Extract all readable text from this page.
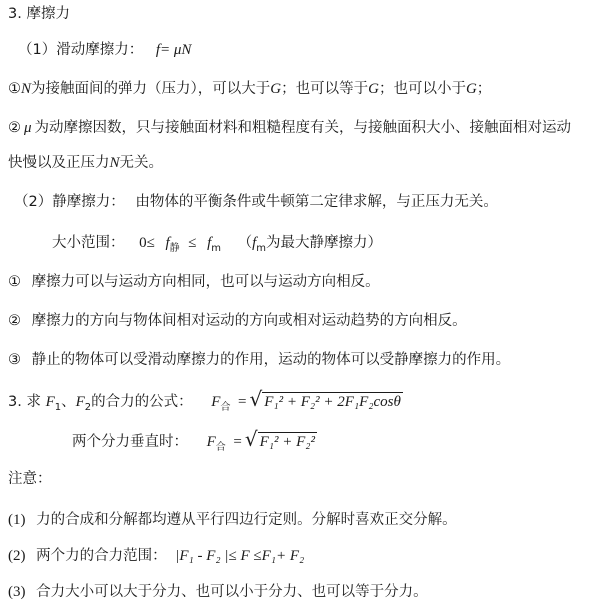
3. 摩擦力
（1）滑动摩擦力： f= μN
①N为接触面间的弹力（压力），可以大于G；也可以等于G；也可以小于G；
② μ 为动摩擦因数，只与接触面材料和粗糙程度有关，与接触面积大小、接触面相对运动
快慢以及正压力N无关。
（2）静摩擦力： 由物体的平衡条件或牛顿第二定律求解，与正压力无关。
大小范围： $0\le f_静 \le f_m$ （$f_m$为最大静摩擦力）
① 摩擦力可以与运动方向相同，也可以与运动方向相反。
② 摩擦力的方向与物体间相对运动的方向或相对运动趋势的方向相反。
③ 静止的物体可以受滑动摩擦力的作用，运动的物体可以受静摩擦力的作用。
3. 求 $F_1$、$F_2$的合力的公式： $F_合$ = √ F₁² + F₂² + 2F₁F₂cosθ
两个分力垂直时： $F_合$ = √ F₁² + F₂²
注意：
(1) 力的合成和分解都均遵从平行四边行定则。分解时喜欢正交分解。
(2) 两个力的合力范围： |F₁ - F₂ |≤ F ≤F₁+ F₂
(3) 合力大小可以大于分力、也可以小于分力、也可以等于分力。
